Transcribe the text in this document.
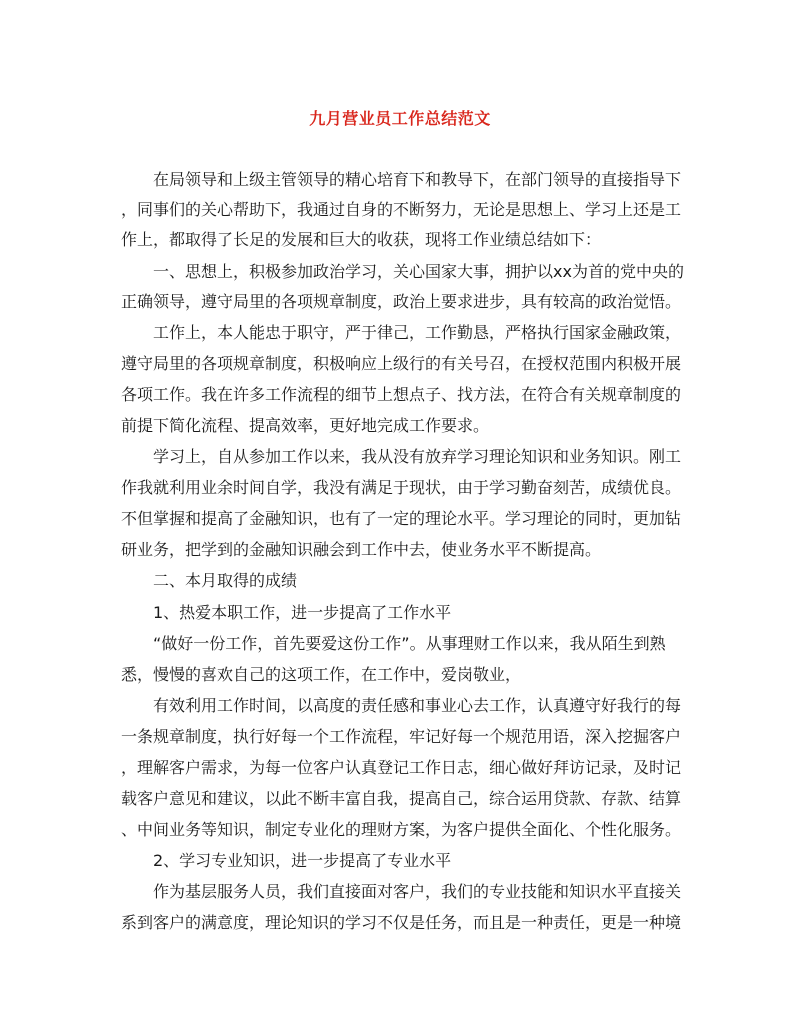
九月营业员工作总结范文
　　在局领导和上级主管领导的精心培育下和教导下，在部门领导的直接指导下
，同事们的关心帮助下，我通过自身的不断努力，无论是思想上、学习上还是工
作上，都取得了长足的发展和巨大的收获，现将工作业绩总结如下：
　　一、思想上，积极参加政治学习，关心国家大事，拥护以xx为首的党中央的
正确领导，遵守局里的各项规章制度，政治上要求进步，具有较高的政治觉悟。
　　工作上，本人能忠于职守，严于律己，工作勤恳，严格执行国家金融政策，
遵守局里的各项规章制度，积极响应上级行的有关号召，在授权范围内积极开展
各项工作。我在许多工作流程的细节上想点子、找方法，在符合有关规章制度的
前提下简化流程、提高效率，更好地完成工作要求。
　　学习上，自从参加工作以来，我从没有放弃学习理论知识和业务知识。刚工
作我就利用业余时间自学，我没有满足于现状，由于学习勤奋刻苦，成绩优良。
不但掌握和提高了金融知识，也有了一定的理论水平。学习理论的同时，更加钻
研业务，把学到的金融知识融会到工作中去，使业务水平不断提高。
　　二、本月取得的成绩
　　1、热爱本职工作，进一步提高了工作水平
　　“做好一份工作，首先要爱这份工作”。从事理财工作以来，我从陌生到熟
悉，慢慢的喜欢自己的这项工作，在工作中，爱岗敬业，
　　有效利用工作时间，以高度的责任感和事业心去工作，认真遵守好我行的每
一条规章制度，执行好每一个工作流程，牢记好每一个规范用语，深入挖掘客户
，理解客户需求，为每一位客户认真登记工作日志，细心做好拜访记录，及时记
载客户意见和建议，以此不断丰富自我，提高自己，综合运用贷款、存款、结算
、中间业务等知识，制定专业化的理财方案，为客户提供全面化、个性化服务。
　　2、学习专业知识，进一步提高了专业水平
　　作为基层服务人员，我们直接面对客户，我们的专业技能和知识水平直接关
系到客户的满意度，理论知识的学习不仅是任务，而且是一种责任，更是一种境
